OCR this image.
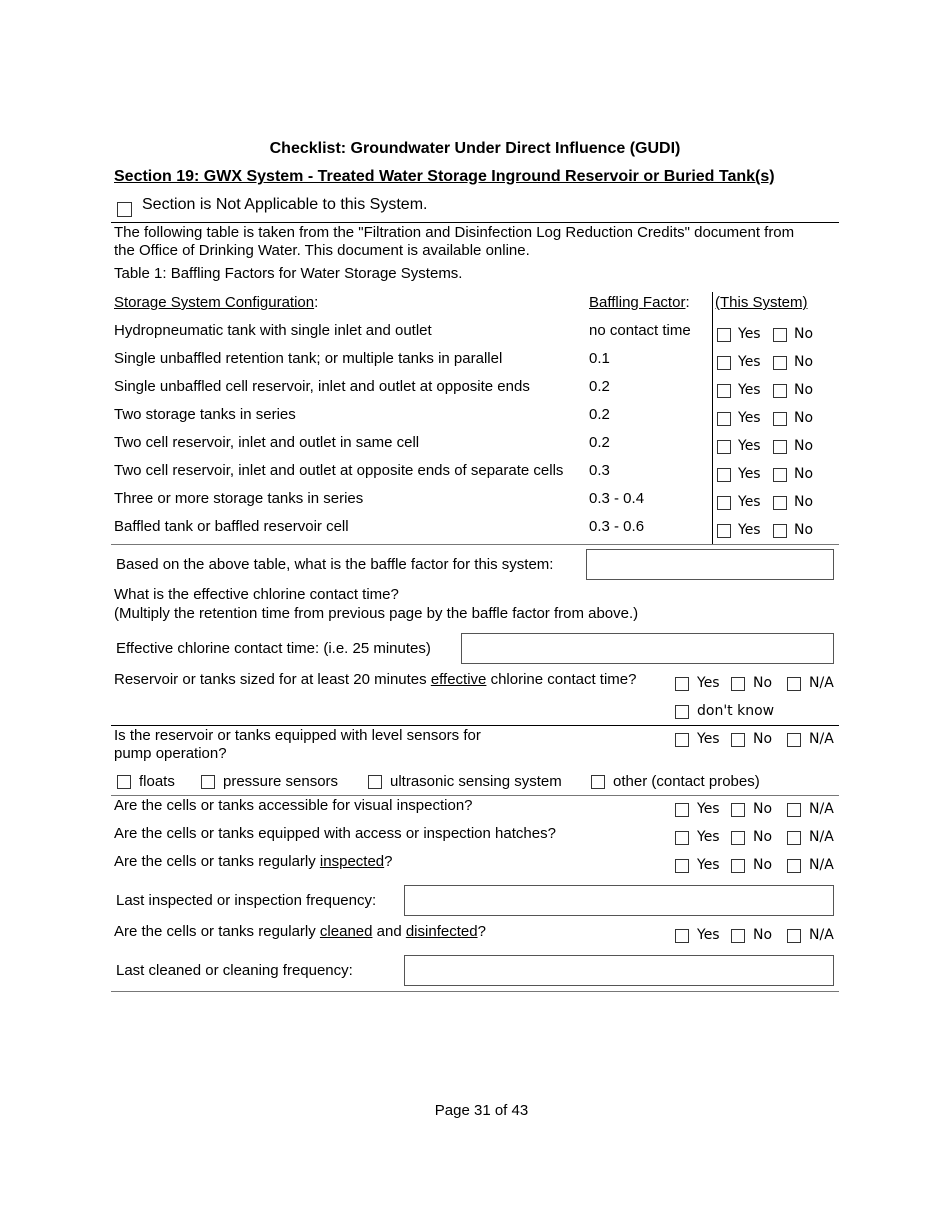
Checklist: Groundwater Under Direct Influence (GUDI)
Section 19: GWX System - Treated Water Storage Inground Reservoir or Buried Tank(s)
Section is Not Applicable to this System.
The following table is taken from the "Filtration and Disinfection Log Reduction Credits" document from
the Office of Drinking Water. This document is available online.
Table 1: Baffling Factors for Water Storage Systems.
Storage System Configuration:	Baffling Factor: (This System)
Hydropneumatic tank with single inlet and outlet	no contact time	Yes No
Single unbaffled retention tank; or multiple tanks in parallel	0.1	Yes No
Single unbaffled cell reservoir, inlet and outlet at opposite ends	0.2	Yes No
Two storage tanks in series	0.2	Yes No
Two cell reservoir, inlet and outlet in same cell	0.2	Yes No
Two cell reservoir, inlet and outlet at opposite ends of separate cells 0.3	Yes No
Three or more storage tanks in series	0.3 - 0.4	Yes No
Baffled tank or baffled reservoir cell	0.3 - 0.6	Yes No
Based on the above table, what is the baffle factor for this system:
What is the effective chlorine contact time?
(Multiply the retention time from previous page by the baffle factor from above.)
Effective chlorine contact time: (i.e. 25 minutes)
Reservoir or tanks sized for at least 20 minutes effective chlorine contact time?	Yes No	N/A
don't know
Is the reservoir or tanks equipped with level sensors for
pump operation?
Yes No	N/A
floats	pressure sensors	ultrasonic sensing system	other (contact probes)
Are the cells or tanks accessible for visual inspection?	Yes No	N/A
Are the cells or tanks equipped with access or inspection hatches?	Yes No	N/A
Are the cells or tanks regularly inspected?	Yes No	N/A
Last inspected or inspection frequency:
Are the cells or tanks regularly cleaned and disinfected?	Yes No	N/A
Last cleaned or cleaning frequency:
Page 31 of 43
